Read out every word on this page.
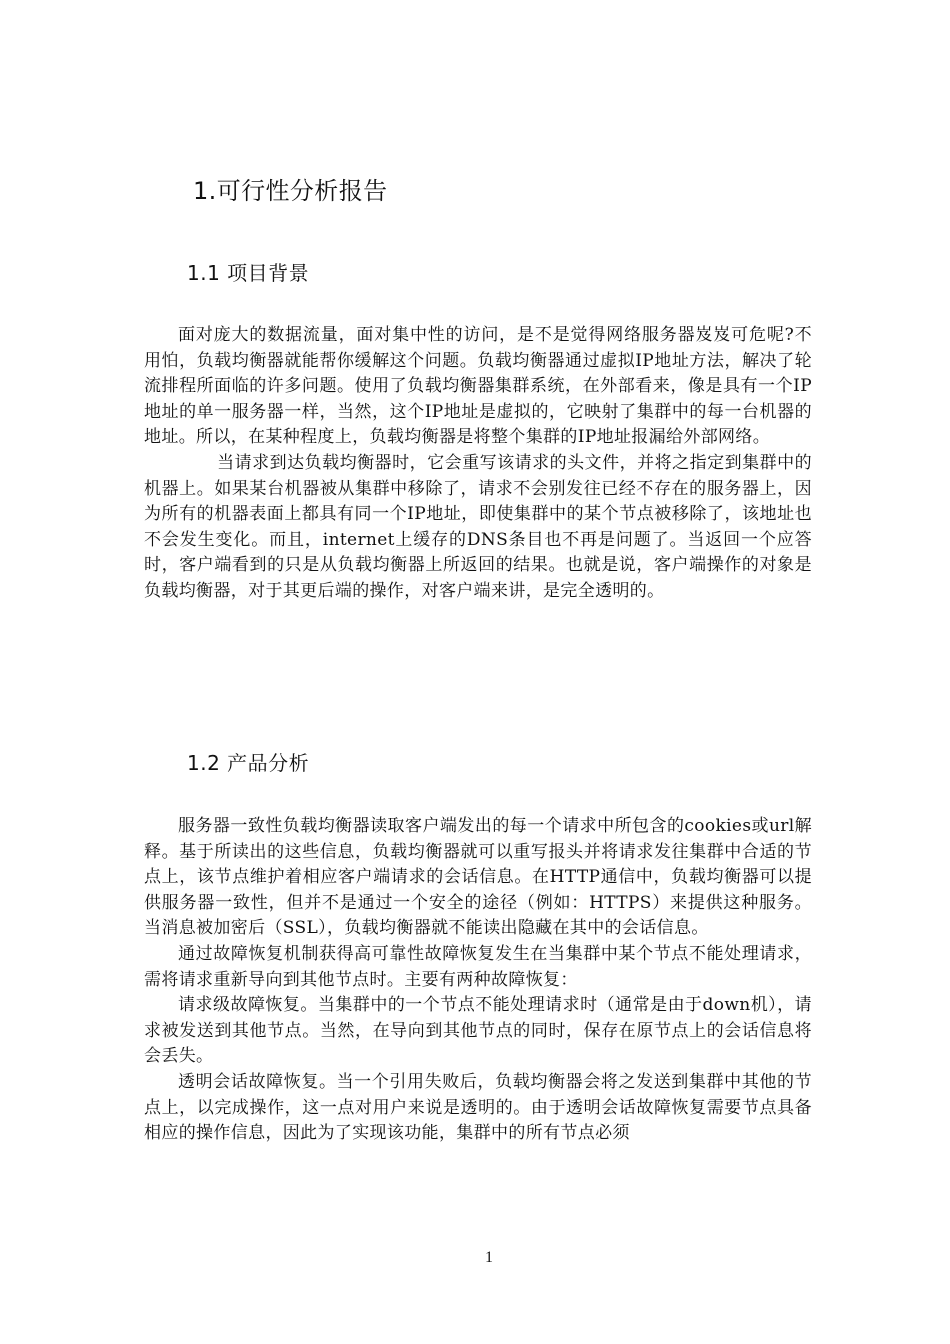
1.可行性分析报告
1.1 项目背景

面对庞大的数据流量，面对集中性的访问，是不是觉得网络服务器岌岌可危呢?不用怕，负载均衡器就能帮你缓解这个问题。负载均衡器通过虚拟IP地址方法，解决了轮流排程所面临的许多问题。使用了负载均衡器集群系统，在外部看来，像是具有一个IP地址的单一服务器一样，当然，这个IP地址是虚拟的，它映射了集群中的每一台机器的地址。所以，在某种程度上，负载均衡器是将整个集群的IP地址报漏给外部网络。

当请求到达负载均衡器时，它会重写该请求的头文件，并将之指定到集群中的机器上。如果某台机器被从集群中移除了，请求不会别发往已经不存在的服务器上，因为所有的机器表面上都具有同一个IP地址，即使集群中的某个节点被移除了，该地址也不会发生变化。而且，internet上缓存的DNS条目也不再是问题了。当返回一个应答时，客户端看到的只是从负载均衡器上所返回的结果。也就是说，客户端操作的对象是负载均衡器，对于其更后端的操作，对客户端来讲，是完全透明的。

1.2 产品分析

服务器一致性负载均衡器读取客户端发出的每一个请求中所包含的cookies或url解释。基于所读出的这些信息，负载均衡器就可以重写报头并将请求发往集群中合适的节点上，该节点维护着相应客户端请求的会话信息。在HTTP通信中，负载均衡器可以提供服务器一致性，但并不是通过一个安全的途径（例如：HTTPS）来提供这种服务。当消息被加密后（SSL），负载均衡器就不能读出隐藏在其中的会话信息。

通过故障恢复机制获得高可靠性故障恢复发生在当集群中某个节点不能处理请求，需将请求重新导向到其他节点时。主要有两种故障恢复：

请求级故障恢复。当集群中的一个节点不能处理请求时（通常是由于down机），请求被发送到其他节点。当然，在导向到其他节点的同时，保存在原节点上的会话信息将会丢失。

透明会话故障恢复。当一个引用失败后，负载均衡器会将之发送到集群中其他的节点上，以完成操作，这一点对用户来说是透明的。由于透明会话故障恢复需要节点具备相应的操作信息，因此为了实现该功能，集群中的所有节点必须

1
